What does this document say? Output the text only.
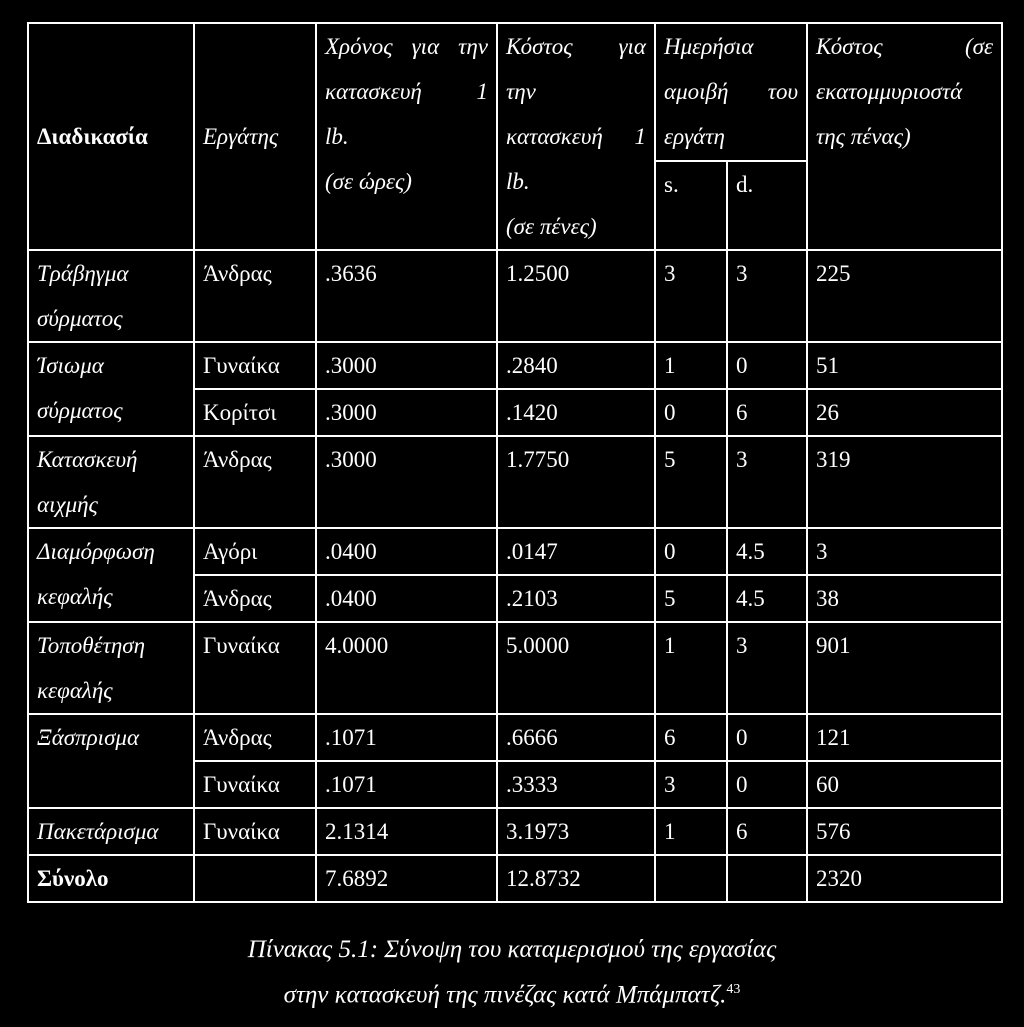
Διαδικασία	Εργάτης	Χρόνος για την
κατασκευή 1
lb.
(σε ώρες)	Κόστος για
την
κατασκευή 1
lb.
(σε πένες)	Ημερήσια
αμοιβή του
εργάτη		Κόστος (σε
εκατομμυριοστά
της πένας)

				s.	d.	

Τράβηγμα
σύρματος	Άνδρας	.3636	1.2500	3	3	225

Ίσιωμα
σύρματος	Γυναίκα	.3000	.2840	1	0	51
	Κορίτσι	.3000	.1420	0	6	26

Κατασκευή
αιχμής	Άνδρας	.3000	1.7750	5	3	319

Διαμόρφωση
κεφαλής	Αγόρι	.0400	.0147	0	4.5	3
	Άνδρας	.0400	.2103	5	4.5	38

Τοποθέτηση
κεφαλής	Γυναίκα	4.0000	5.0000	1	3	901

Ξάσπρισμα	Άνδρας	.1071	.6666	6	0	121
	Γυναίκα	.1071	.3333	3	0	60

Πακετάρισμα	Γυναίκα	2.1314	3.1973	1	6	576
Σύνολο		7.6892	12.8732			2320
Πίνακας 5.1: Σύνοψη του καταμερισμού της εργασίας
στην κατασκευή της πινέζας κατά Μπάμπατζ.$^{43}$
